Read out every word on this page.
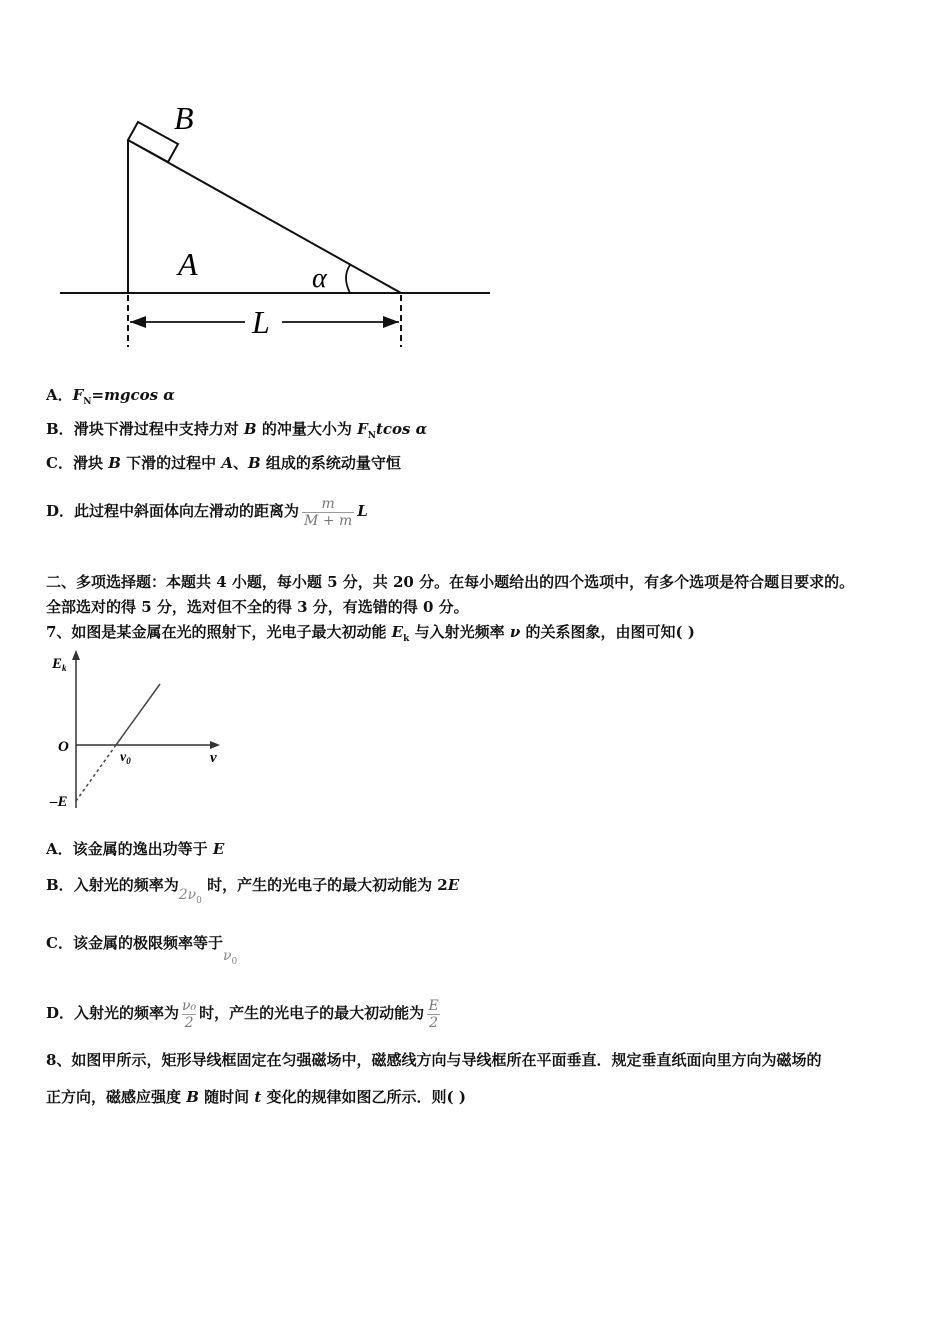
B
A	α
L
A．$F_N=mgcos$ α
B．滑块下滑过程中支持力对 B 的冲量大小为 $F_Ntcos$ α
C．滑块 B 下滑的过程中 A、B 组成的系统动量守恒
D．此过程中斜面体向左滑动的距离为 $\frac{m}{M + m}$ L
二、多项选择题：本题共 4 小题，每小题 5 分，共 20 分。在每小题给出的四个选项中，有多个选项是符合题目要求的。
全部选对的得 5 分，选对但不全的得 3 分，有选错的得 0 分。
7、如图是某金属在光的照射下，光电子最大初动能 $E_k$ 与入射光频率 ν 的关系图象，由图可知( )
$E_k$
O
ν
$\nu_0$
–E
A．该金属的逸出功等于 E
B．入射光的频率为$2\nu_0$ 时，产生的光电子的最大初动能为 2E
C．该金属的极限频率等于$\nu_0$
D．入射光的频率为 $\frac{\text{ν₀}}{2}$ 时，产生的光电子的最大初动能为 $\frac{E}{2}$
8、如图甲所示，矩形导线框固定在匀强磁场中，磁感线方向与导线框所在平面垂直．规定垂直纸面向里方向为磁场的
正方向，磁感应强度 B 随时间 t 变化的规律如图乙所示．则( )
